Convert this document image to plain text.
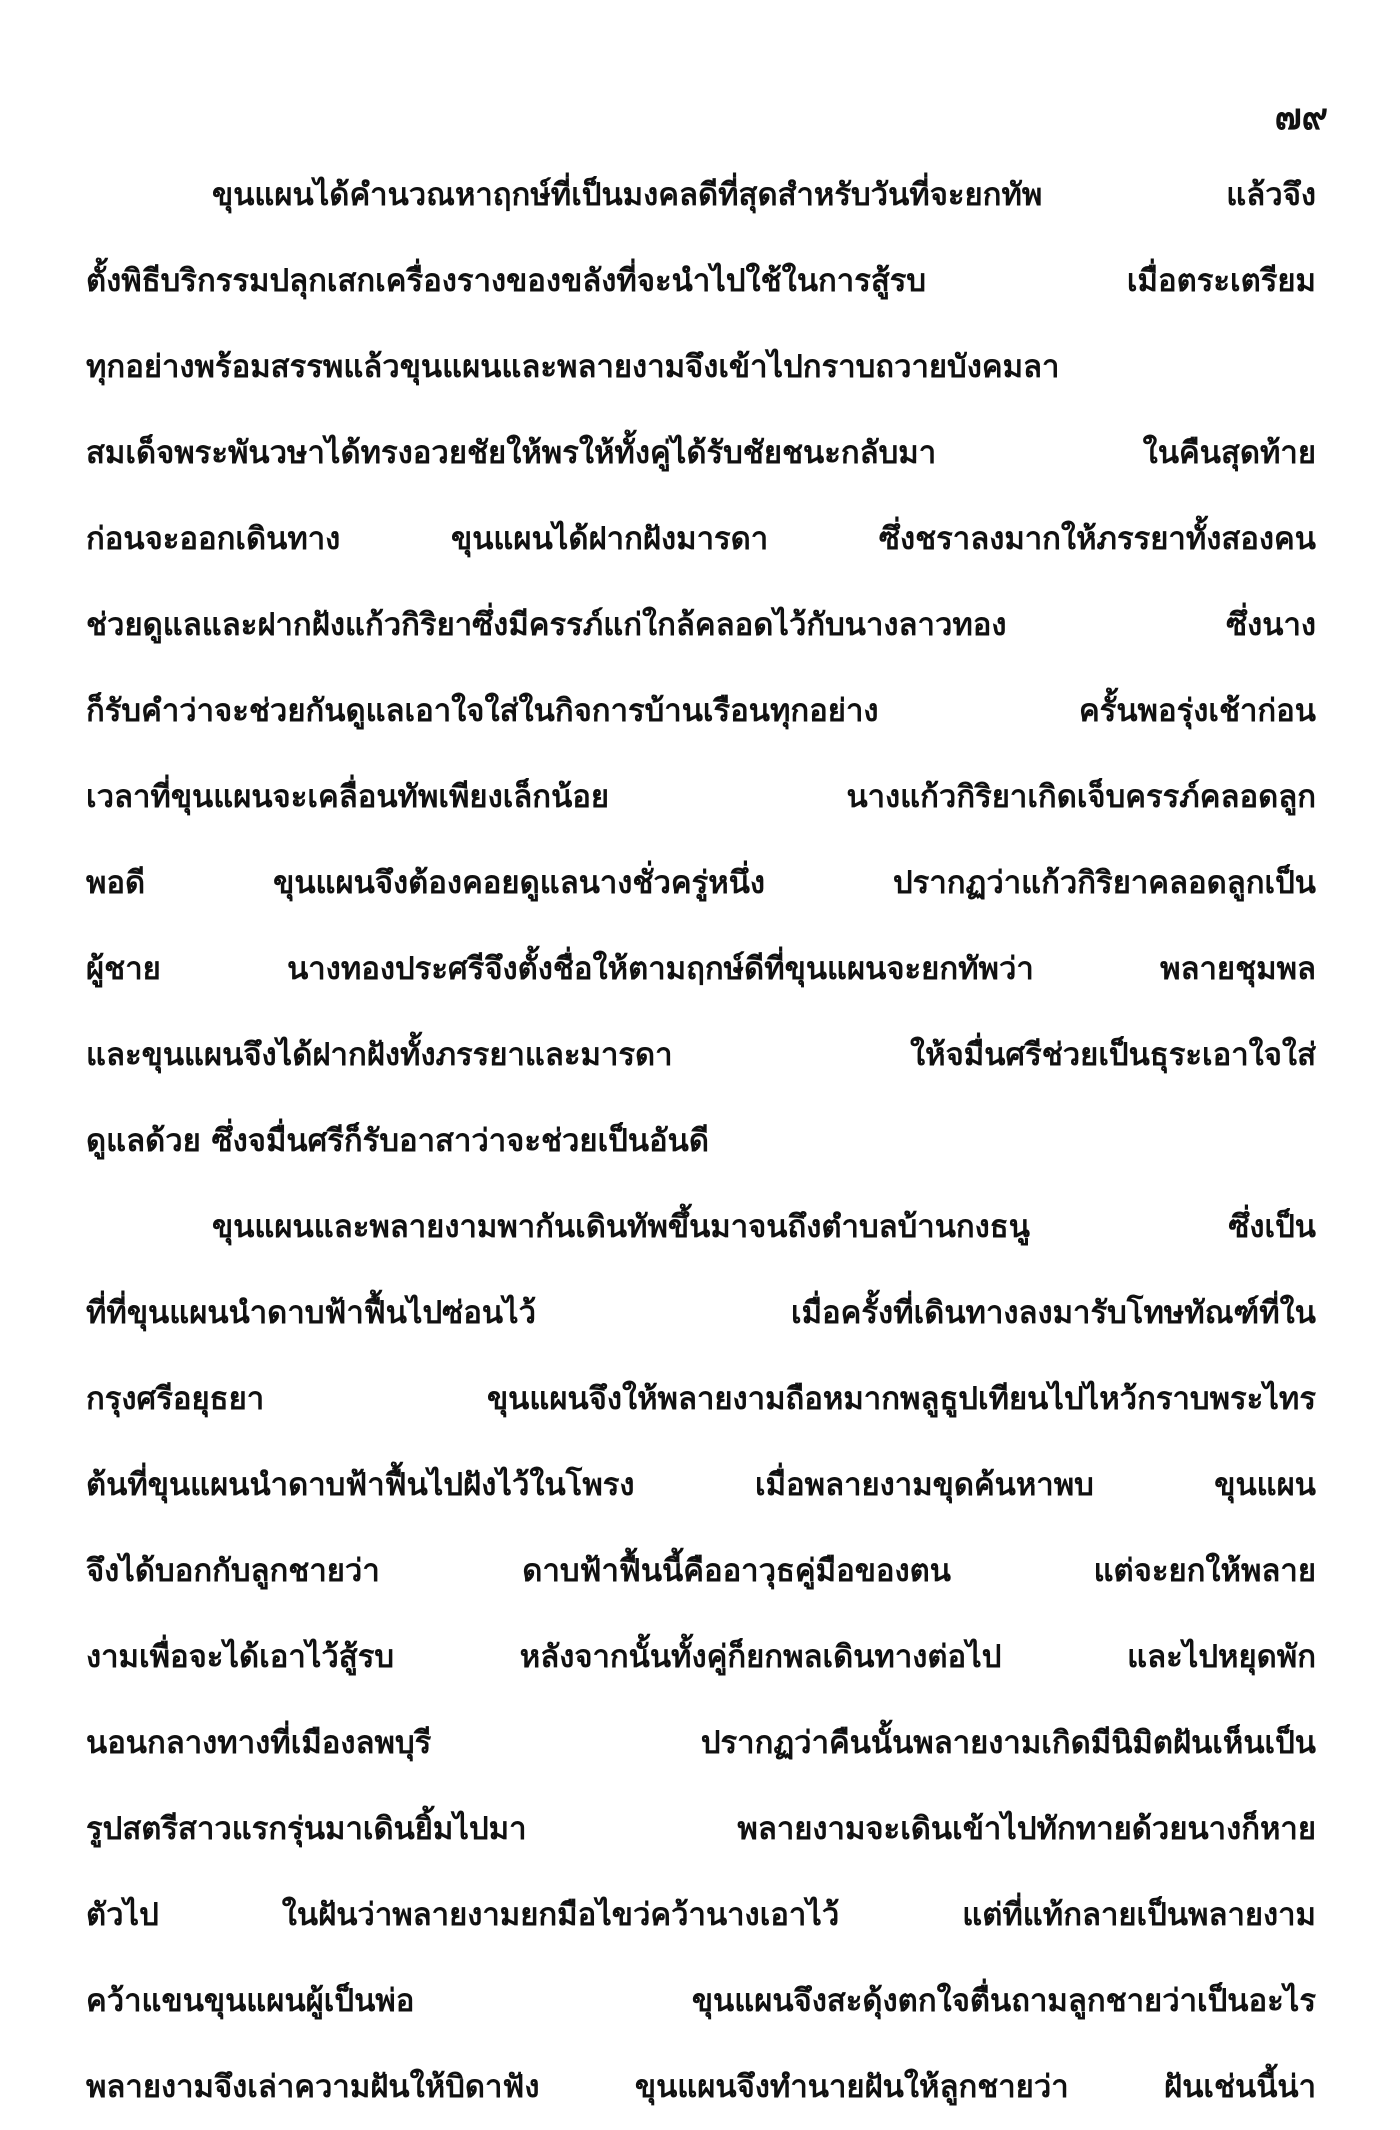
๗๙
ขุนแผนได้คำนวณหาฤกษ์ที่เป็นมงคลดีที่สุดสำหรับวันที่จะยกทัพ แล้วจึง
ตั้งพิธีบริกรรมปลุกเสกเครื่องรางของขลังที่จะนำไปใช้ในการสู้รบ เมื่อตระเตรียม
ทุกอย่างพร้อมสรรพแล้วขุนแผนและพลายงามจึงเข้าไปกราบถวายบังคมลา
สมเด็จพระพันวษาได้ทรงอวยชัยให้พรให้ทั้งคู่ได้รับชัยชนะกลับมา ในคืนสุดท้าย
ก่อนจะออกเดินทาง ขุนแผนได้ฝากฝังมารดา ซึ่งชราลงมากให้ภรรยาทั้งสองคน
ช่วยดูแลและฝากฝังแก้วกิริยาซึ่งมีครรภ์แก่ใกล้คลอดไว้กับนางลาวทอง ซึ่งนาง
ก็รับคำว่าจะช่วยกันดูแลเอาใจใส่ในกิจการบ้านเรือนทุกอย่าง ครั้นพอรุ่งเช้าก่อน
เวลาที่ขุนแผนจะเคลื่อนทัพเพียงเล็กน้อย นางแก้วกิริยาเกิดเจ็บครรภ์คลอดลูก
พอดี ขุนแผนจึงต้องคอยดูแลนางชั่วครู่หนึ่ง ปรากฏว่าแก้วกิริยาคลอดลูกเป็น
ผู้ชาย นางทองประศรีจึงตั้งชื่อให้ตามฤกษ์ดีที่ขุนแผนจะยกทัพว่า พลายชุมพล
และขุนแผนจึงได้ฝากฝังทั้งภรรยาและมารดา ให้จมื่นศรีช่วยเป็นธุระเอาใจใส่
ดูแลด้วย ซึ่งจมื่นศรีก็รับอาสาว่าจะช่วยเป็นอันดี
ขุนแผนและพลายงามพากันเดินทัพขึ้นมาจนถึงตำบลบ้านกงธนู ซึ่งเป็น
ที่ที่ขุนแผนนำดาบฟ้าฟื้นไปซ่อนไว้ เมื่อครั้งที่เดินทางลงมารับโทษทัณฑ์ที่ใน
กรุงศรีอยุธยา ขุนแผนจึงให้พลายงามถือหมากพลูธูปเทียนไปไหว้กราบพระไทร
ต้นที่ขุนแผนนำดาบฟ้าฟื้นไปฝังไว้ในโพรง เมื่อพลายงามขุดค้นหาพบ ขุนแผน
จึงได้บอกกับลูกชายว่า ดาบฟ้าฟื้นนี้คืออาวุธคู่มือของตน แต่จะยกให้พลาย
งามเพื่อจะได้เอาไว้สู้รบ หลังจากนั้นทั้งคู่ก็ยกพลเดินทางต่อไป และไปหยุดพัก
นอนกลางทางที่เมืองลพบุรี ปรากฏว่าคืนนั้นพลายงามเกิดมีนิมิตฝันเห็นเป็น
รูปสตรีสาวแรกรุ่นมาเดินยิ้มไปมา พลายงามจะเดินเข้าไปทักทายด้วยนางก็หาย
ตัวไป ในฝันว่าพลายงามยกมือไขว่คว้านางเอาไว้ แต่ที่แท้กลายเป็นพลายงาม
คว้าแขนขุนแผนผู้เป็นพ่อ ขุนแผนจึงสะดุ้งตกใจตื่นถามลูกชายว่าเป็นอะไร
พลายงามจึงเล่าความฝันให้บิดาฟัง ขุนแผนจึงทำนายฝันให้ลูกชายว่า ฝันเช่นนี้น่า
